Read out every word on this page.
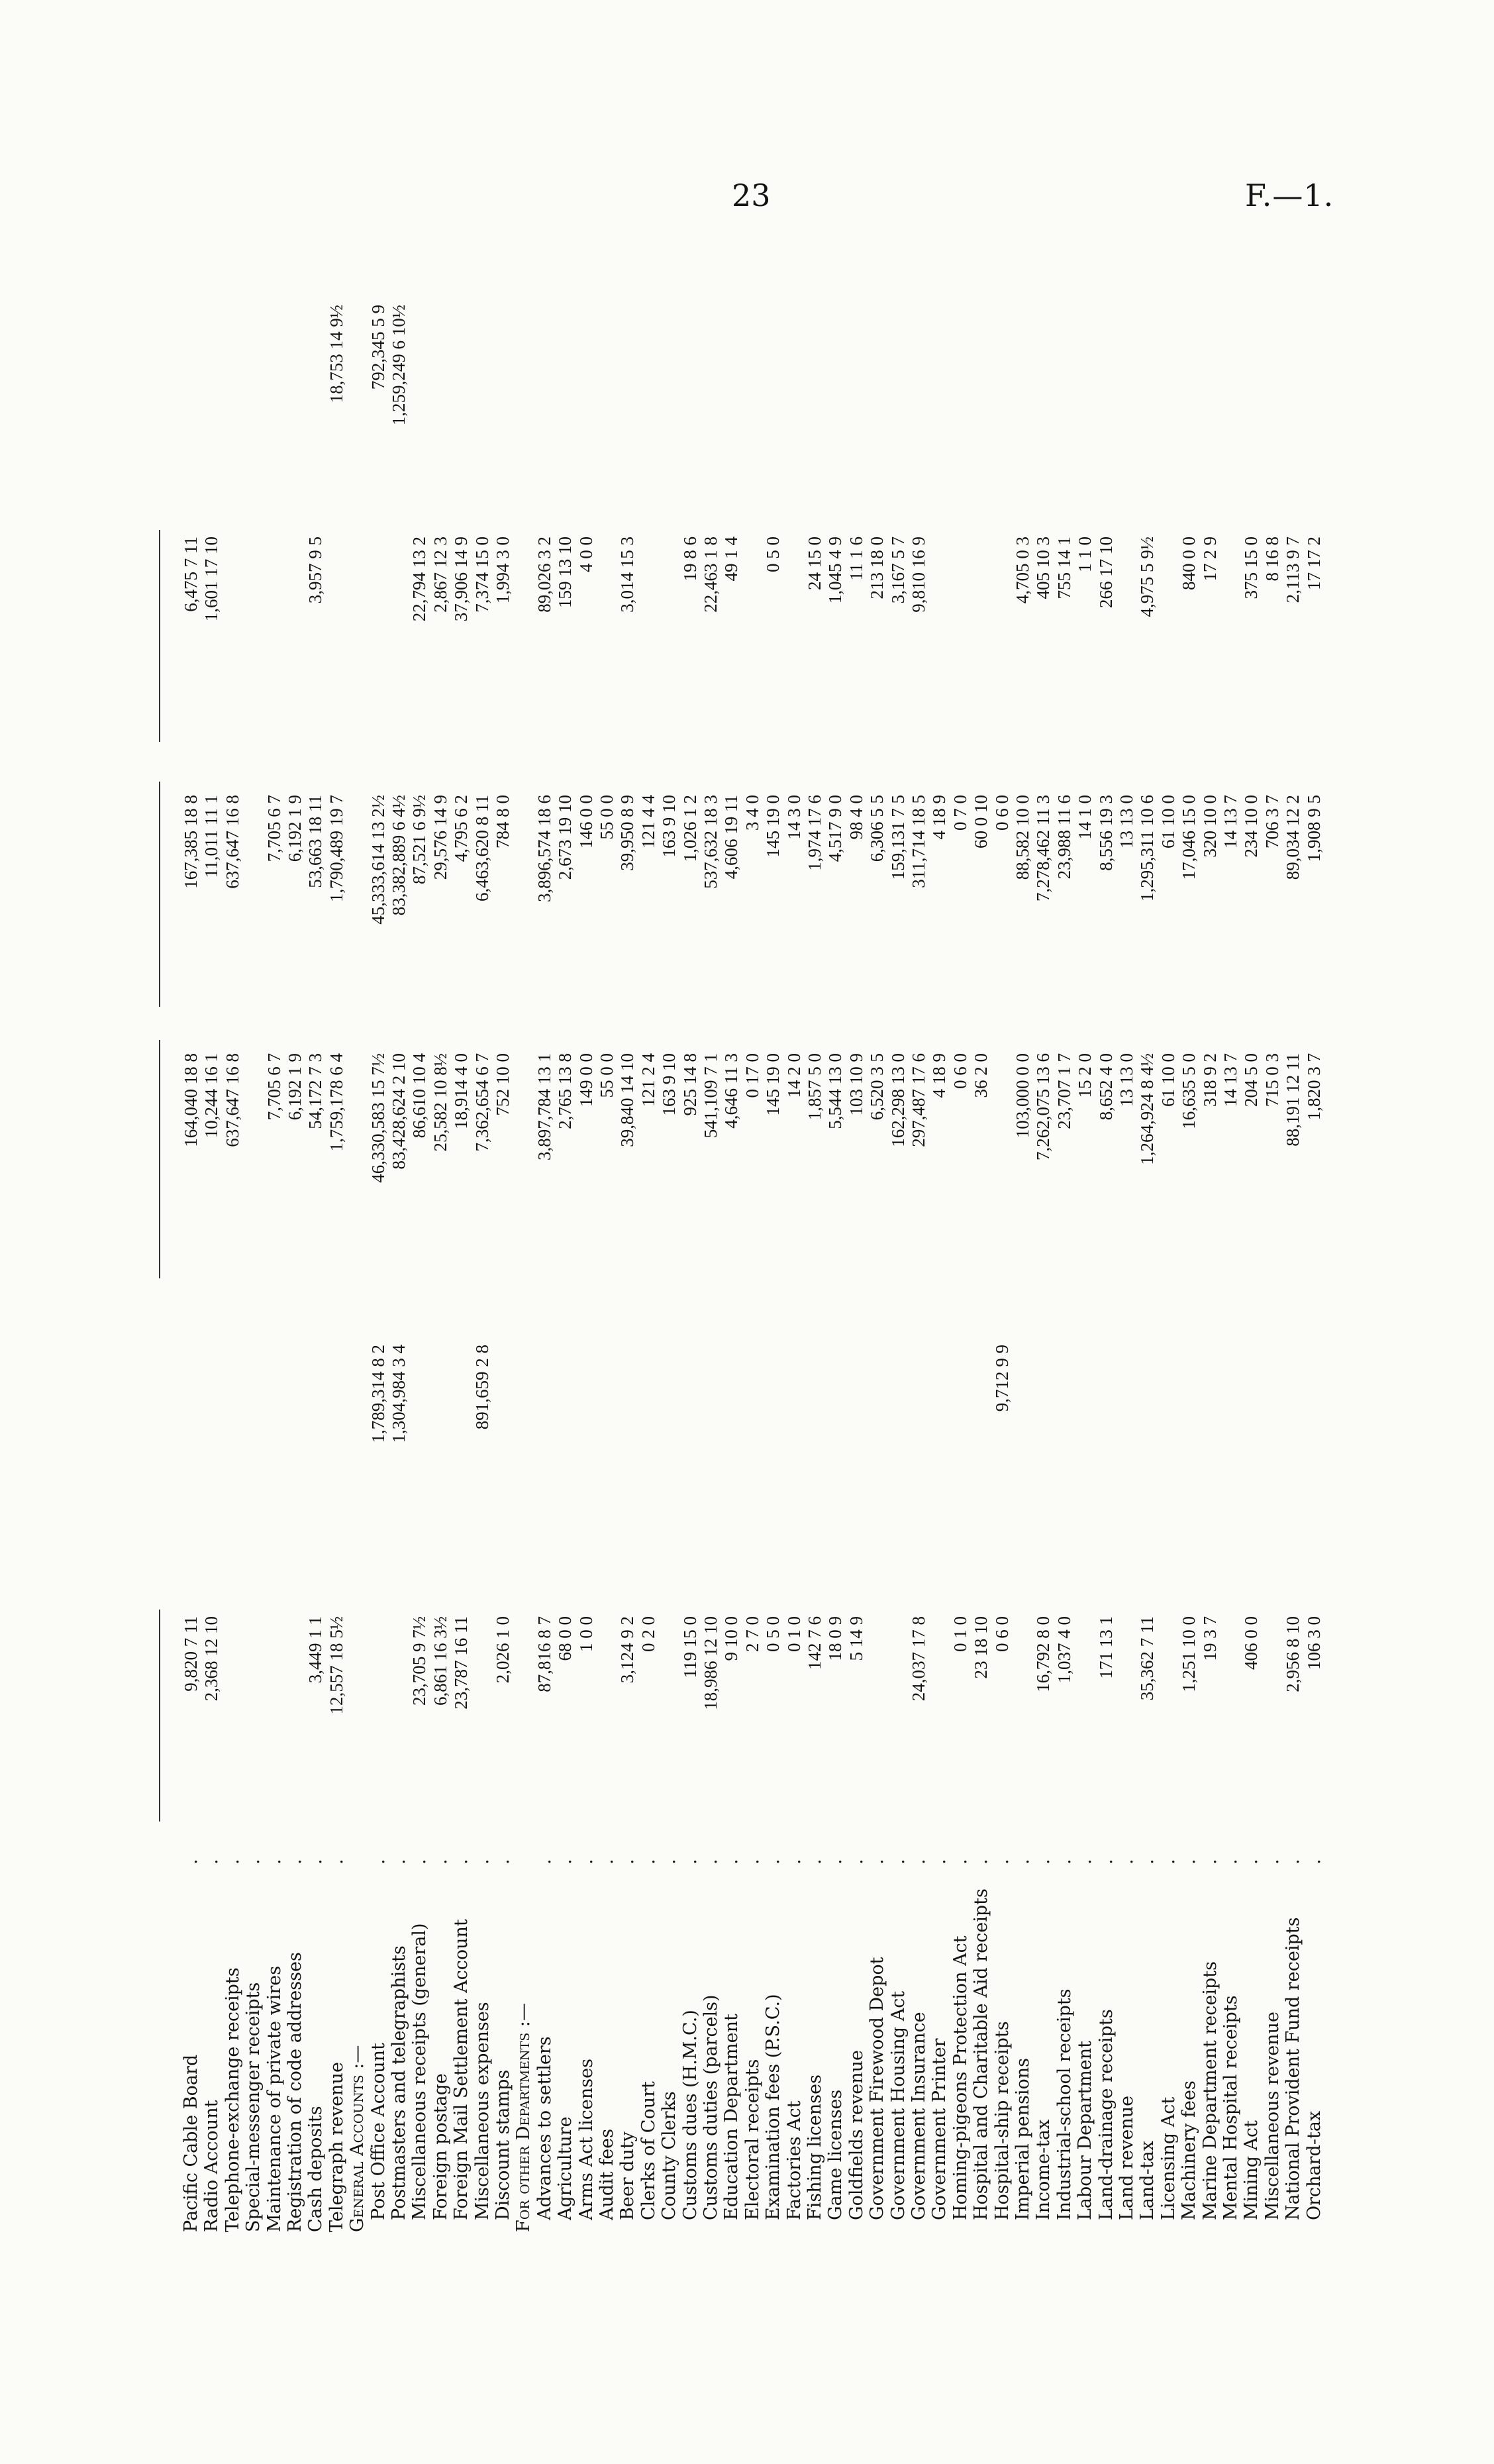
23	F.—1.
Pacific Cable Board
.
9,820 7 11
164,040 18 8
167,385 18 8
6,475 7 11
Radio Account
.
2,368 12 10
10,244 16 1
11,011 11 1
1,601 17 10
Telephone-exchange receipts
.
637,647 16 8
637,647 16 8
Special-messenger receipts
.
Maintenance of private wires
.
7,705 6 7
7,705 6 7
Registration of code addresses
.
6,192 1 9
6,192 1 9
Cash deposits
.
3,449 1 1
54,172 7 3
53,663 18 11
3,957 9 5
Telegraph revenue
.
12,557 18 5½
1,759,178 6 4
1,790,489 19 7
18,753 14 9½
General Accounts :— Post Office Account
.
1,789,314 8 2
46,330,583 15 7½
45,333,614 13 2½
792,345 5 9
Postmasters and telegraphists
.
1,304,984 3 4
83,428,624 2 10
83,382,889 6 4½
1,259,249 6 10½
Miscellaneous receipts (general)
.
23,705 9 7½
86,610 10 4
87,521 6 9½
22,794 13 2
Foreign postage
.
6,861 16 3½
25,582 10 8½
29,576 14 9
2,867 12 3
Foreign Mail Settlement Account
.
23,787 16 11
18,914 4 0
4,795 6 2
37,906 14 9
Miscellaneous expenses
.
891,659 2 8
7,362,654 6 7
6,463,620 8 11
7,374 15 0
Discount stamps
.
2,026 1 0
752 10 0
784 8 0
1,994 3 0
For other Departments :— Advances to settlers
.
87,816 8 7
3,897,784 13 1
3,896,574 18 6
89,026 3 2
Agriculture
.
68 0 0
2,765 13 8
2,673 19 10
159 13 10
Arms Act licenses
.
1 0 0
149 0 0
146 0 0
4 0 0
Audit fees
.
55 0 0
55 0 0
Beer duty
.
3,124 9 2
39,840 14 10
39,950 8 9
3,014 15 3
Clerks of Court
.
0 2 0
121 2 4
121 4 4
County Clerks
.
163 9 10
163 9 10
Customs dues (H.M.C.)
.
119 15 0
925 14 8
1,026 1 2
19 8 6
Customs duties (parcels)
.
18,986 12 10
541,109 7 1
537,632 18 3
22,463 1 8
Education Department
.
9 10 0
4,646 11 3
4,606 19 11
49 1 4
Electoral receipts
.
2 7 0
0 17 0
3 4 0
Examination fees (P.S.C.)
.
0 5 0
145 19 0
145 19 0
0 5 0
Factories Act
.
0 1 0
14 2 0
14 3 0
Fishing licenses
.
142 7 6
1,857 5 0
1,974 17 6
24 15 0
Game licenses
.
18 0 9
5,544 13 0
4,517 9 0
1,045 4 9
Goldfields revenue
.
5 14 9
103 10 9
98 4 0
11 1 6
Government Firewood Depot
.
6,520 3 5
6,306 5 5
213 18 0
Government Housing Act
.
162,298 13 0
159,131 7 5
3,167 5 7
Government Insurance
.
24,037 17 8
297,487 17 6
311,714 18 5
9,810 16 9
Government Printer
.
4 18 9
4 18 9
Homing-pigeons Protection Act
.
0 1 0
0 6 0
0 7 0
Hospital and Charitable Aid receipts
.
23 18 10
36 2 0
60 0 10
Hospital-ship receipts
.
0 6 0
9,712 9 9
0 6 0
Imperial pensions
.
103,000 0 0
88,582 10 0
4,705 0 3
Income-tax
.
16,792 8 0
7,262,075 13 6
7,278,462 11 3
405 10 3
Industrial-school receipts
.
1,037 4 0
23,707 1 7
23,988 11 6
755 14 1
Labour Department
.
15 2 0
14 1 0
1 1 0
Land-drainage receipts
.
171 13 1
8,652 4 0
8,556 19 3
266 17 10
Land revenue
.
13 13 0
13 13 0
Land-tax
.
35,362 7 11
1,264,924 8 4½
1,295,311 10 6
4,975 5 9½
Licensing Act
.
61 10 0
61 10 0
Machinery fees
.
1,251 10 0
16,635 5 0
17,046 15 0
840 0 0
Marine Department receipts
.
19 3 7
318 9 2
320 10 0
17 2 9
Mental Hospital receipts
.
14 13 7
14 13 7
Mining Act
.
406 0 0
204 5 0
234 10 0
375 15 0
Miscellaneous revenue
.
715 0 3
706 3 7
8 16 8
National Provident Fund receipts
.
2,956 8 10
88,191 12 11
89,034 12 2
2,113 9 7
Orchard-tax
.
106 3 0
1,820 3 7
1,908 9 5
17 17 2
